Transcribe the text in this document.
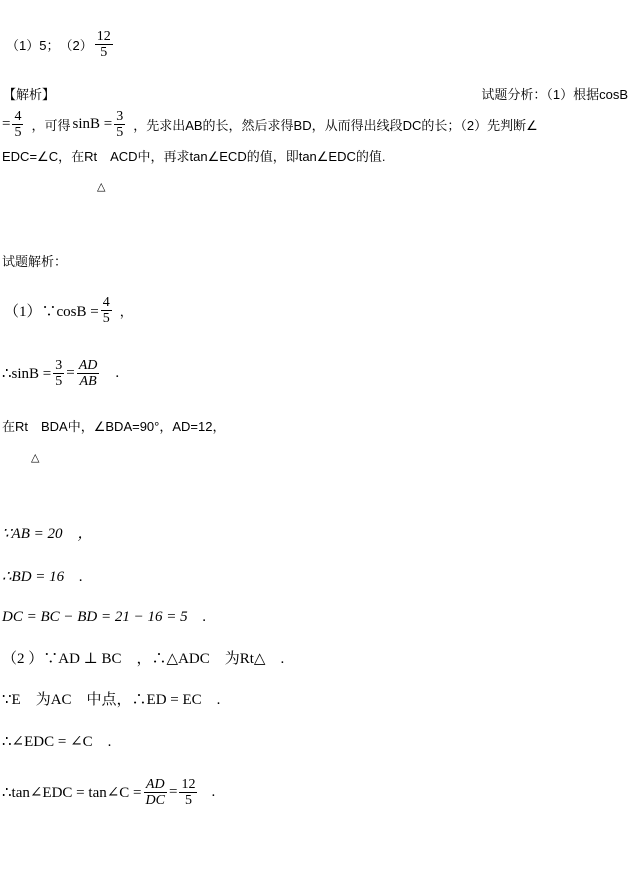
（1）5； $(2) \frac{12}{5}$
【解析】	试题分析：（1）根据cosB
= $\frac{4}{5}$ ，可得 $\sin B = \frac{3}{5}$ ，先求出AB的长，然后求得BD，从而得出线段DC的长；（2）先判断∠
EDC=∠C，在Rt　ACD中，再求tan∠ECD的值，即tan∠EDC的值.
△
试题解析：
（1）∵cosB = $\frac{4}{5}$ ，
∴sinB = $\frac{3}{5} = \frac{AD}{AB}$ .
在Rt　BDA中，∠BDA=90°，AD=12，
△
∵AB = 20　，
∴BD = 16　.
DC = BC − BD = 21 − 16 = 5　.
（2 ）∵AD ⊥ BC　，∴△ADC　为Rt△　.
∵E　为AC　中点，∴ED = EC　.
∴∠EDC = ∠C　.
∴tan∠EDC = tan∠C = $\frac{AD}{DC} = \frac{12}{5}$ .
